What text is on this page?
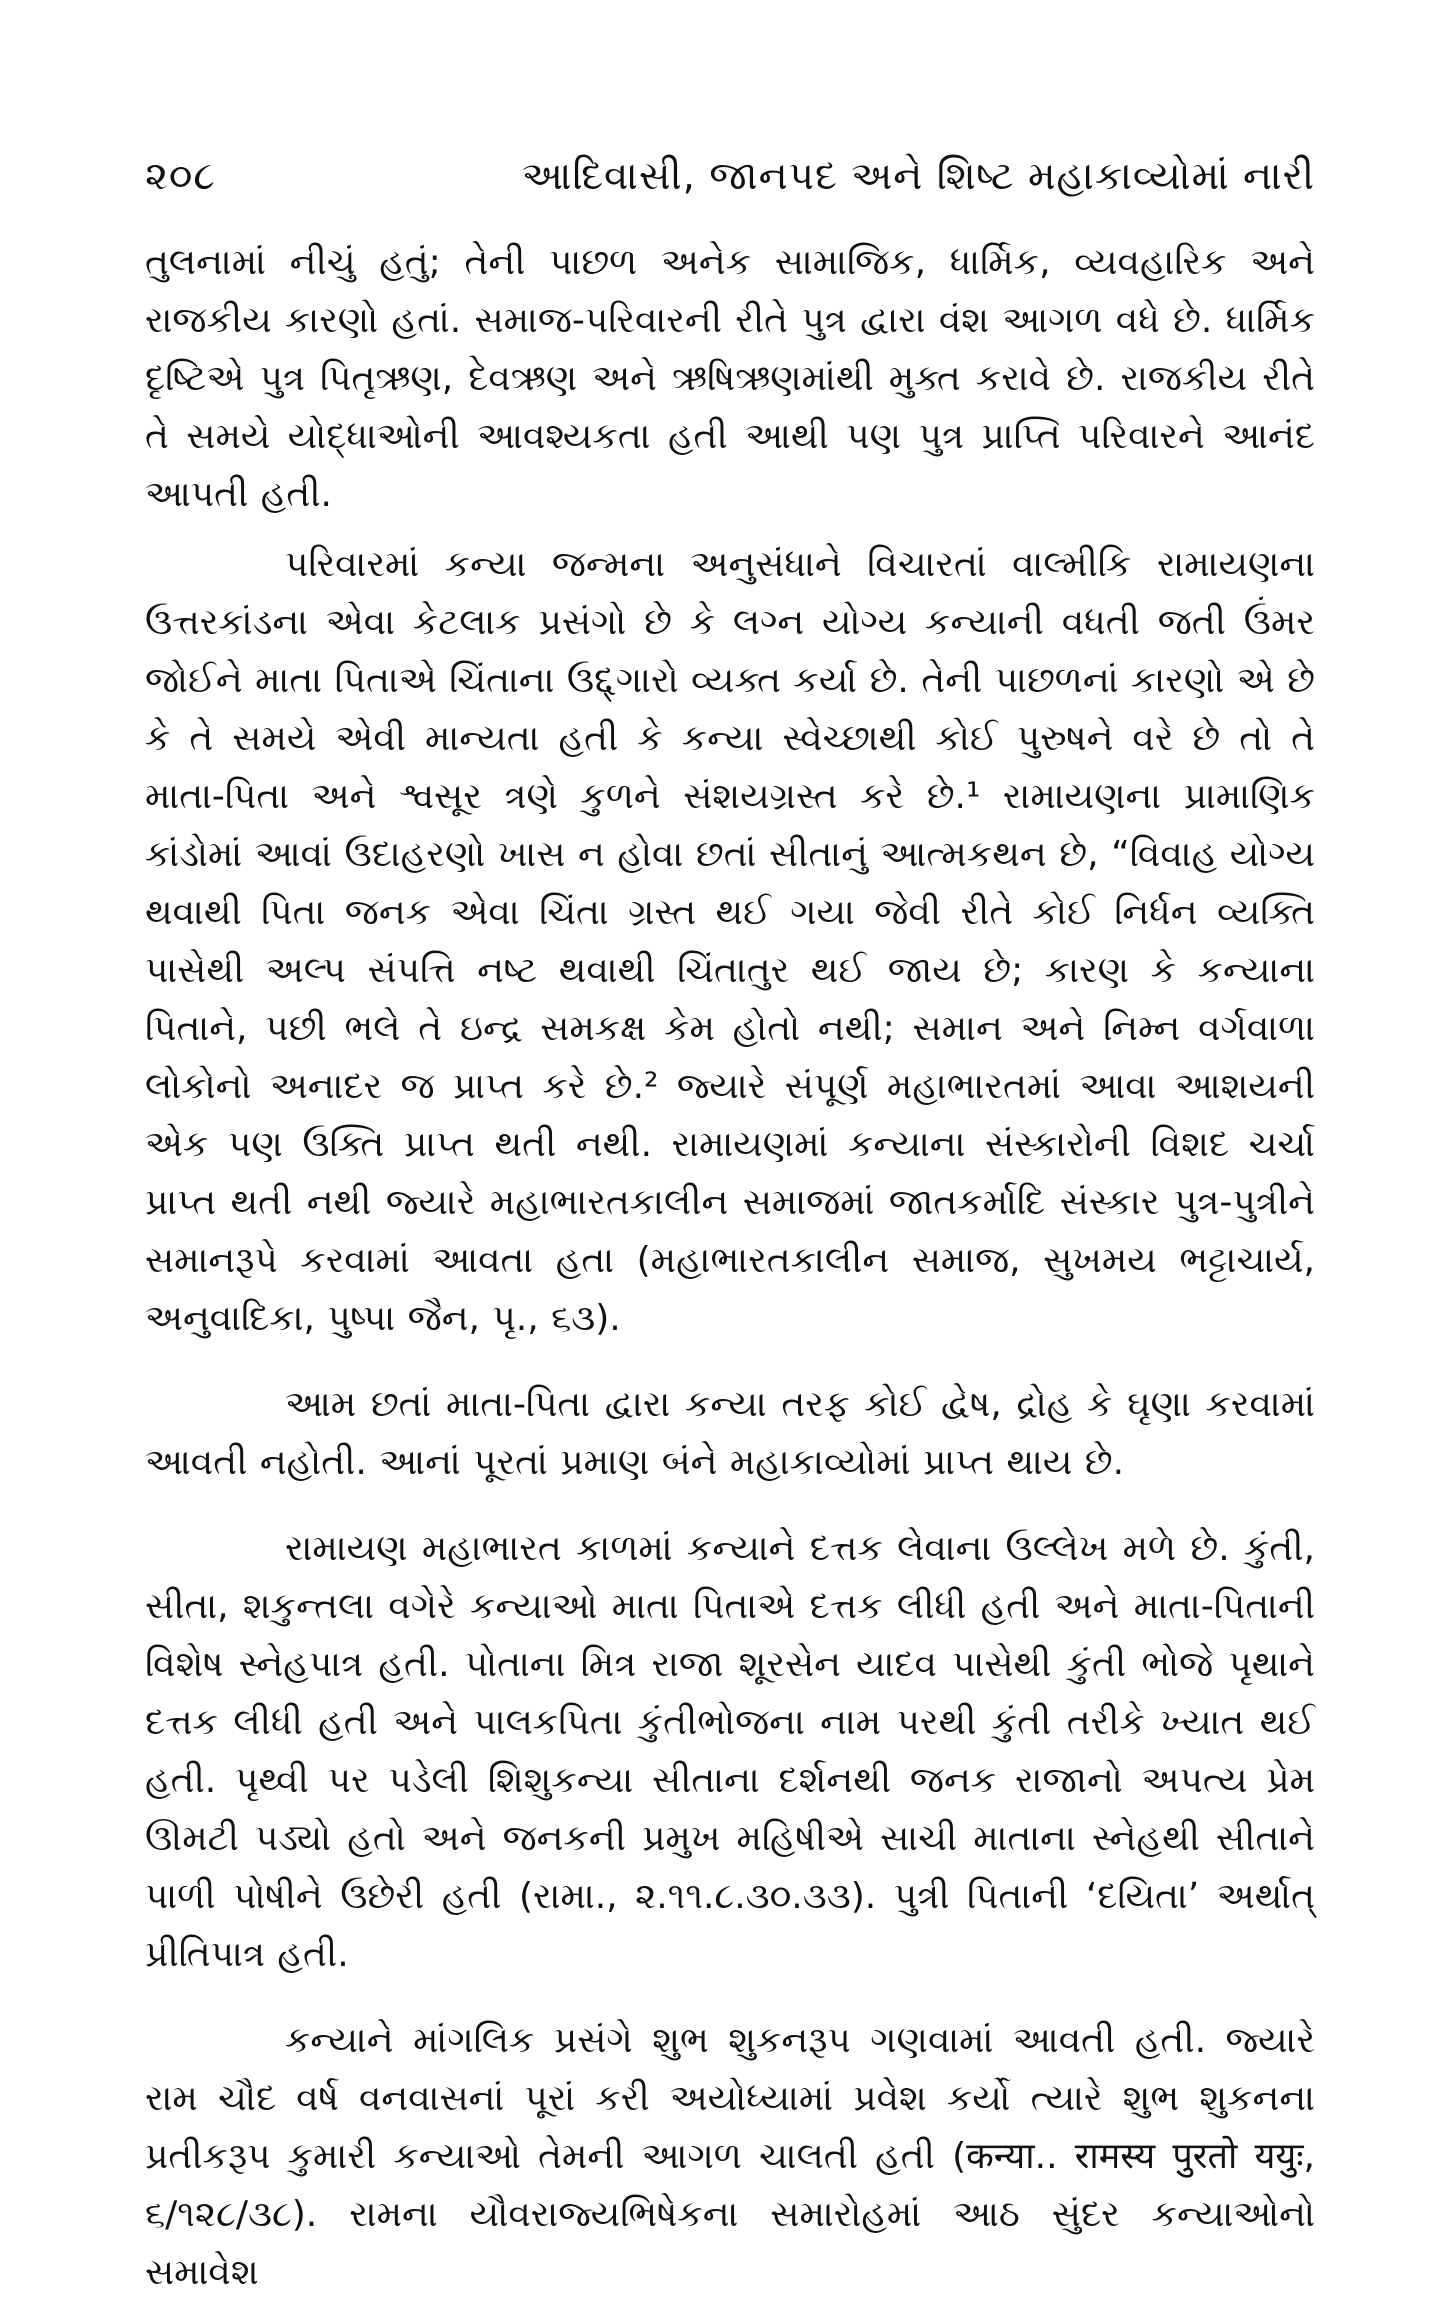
૨૦૮	આદિવાસી, જાનપદ અને શિષ્ટ મહાકાવ્યોમાં નારી

તુલનામાં નીચું હતું; તેની પાછળ અનેક સામાજિક, ધાર્મિક, વ્યવહારિક અને રાજકીય કારણો હતાં. સમાજ-પરિવારની રીતે પુત્ર દ્વારા વંશ આગળ વધે છે. ધાર્મિક દૃષ્ટિએ પુત્ર પિતૃઋણ, દેવઋણ અને ઋષિઋણમાંથી મુક્ત કરાવે છે. રાજકીય રીતે તે સમયે યોદ્ધાઓની આવશ્યકતા હતી આથી પણ પુત્ર પ્રાપ્તિ પરિવારને આનંદ આપતી હતી.

પરિવારમાં કન્યા જન્મના અનુસંધાને વિચારતાં વાલ્મીકિ રામાયણના ઉત્તરકાંડના એવા કેટલાક પ્રસંગો છે કે લગ્ન યોગ્ય કન્યાની વધતી જતી ઉંમર જોઈને માતા પિતાએ ચિંતાના ઉદ્દ્ગારો વ્યક્ત કર્યા છે. તેની પાછળનાં કારણો એ છે કે તે સમયે એવી માન્યતા હતી કે કન્યા સ્વેચ્છાથી કોઈ પુરુષને વરે છે તો તે માતા-પિતા અને શ્વસૂર ત્રણે કુળને સંશયગ્રસ્ત કરે છે.¹ રામાયણના પ્રામાણિક કાંડોમાં આવાં ઉદાહરણો ખાસ ન હોવા છતાં સીતાનું આત્મકથન છે, “વિવાહ યોગ્ય થવાથી પિતા જનક એવા ચિંતા ગ્રસ્ત થઈ ગયા જેવી રીતે કોઈ નિર્ધન વ્યક્તિ પાસેથી અલ્પ સંપત્તિ નષ્ટ થવાથી ચિંતાતુર થઈ જાય છે; કારણ કે કન્યાના પિતાને, પછી ભલે તે ઇન્દ્ર સમકક્ષ કેમ હોતો નથી; સમાન અને નિમ્ન વર્ગવાળા લોકોનો અનાદર જ પ્રાપ્ત કરે છે.² જ્યારે સંપૂર્ણ મહાભારતમાં આવા આશયની એક પણ ઉક્તિ પ્રાપ્ત થતી નથી. રામાયણમાં કન્યાના સંસ્કારોની વિશદ ચર્ચા પ્રાપ્ત થતી નથી જ્યારે મહાભારતકાલીન સમાજમાં જાતકર્માદિ સંસ્કાર પુત્ર-પુત્રીને સમાનરૂપે કરવામાં આવતા હતા (મહાભારતકાલીન સમાજ, સુખમય ભટ્ટાચાર્ય, અનુવાદિકા, પુષ્પા જૈન, પૃ., ૬૩).

આમ છતાં માતા-પિતા દ્વારા કન્યા તરફ કોઈ દ્વેષ, દ્રોહ કે ઘૃણા કરવામાં આવતી નહોતી. આનાં પૂરતાં પ્રમાણ બંને મહાકાવ્યોમાં પ્રાપ્ત થાય છે.

રામાયણ મહાભારત કાળમાં કન્યાને દત્તક લેવાના ઉલ્લેખ મળે છે. કુંતી, સીતા, શકુન્તલા વગેરે કન્યાઓ માતા પિતાએ દત્તક લીધી હતી અને માતા-પિતાની વિશેષ સ્નેહપાત્ર હતી. પોતાના મિત્ર રાજા શૂરસેન યાદવ પાસેથી કુંતી ભોજે પૃથાને દત્તક લીધી હતી અને પાલકપિતા કુંતીભોજના નામ પરથી કુંતી તરીકે ખ્યાત થઈ હતી. પૃથ્વી પર પડેલી શિશુકન્યા સીતાના દર્શનથી જનક રાજાનો અપત્ય પ્રેમ ઊમટી પડ્યો હતો અને જનકની પ્રમુખ મહિષીએ સાચી માતાના સ્નેહથી સીતાને પાળી પોષીને ઉછેરી હતી (રામા., ૨.૧૧.૮.૩૦.૩૩). પુત્રી પિતાની ‘દયિતા’ અર્થાત્ પ્રીતિપાત્ર હતી.

કન્યાને માંગલિક પ્રસંગે શુભ શુકનરૂપ ગણવામાં આવતી હતી. જ્યારે રામ ચૌદ વર્ષ વનવાસનાં પૂરાં કરી અયોધ્યામાં પ્રવેશ કર્યો ત્યારે શુભ શુકનના પ્રતીકરૂપ કુમારી કન્યાઓ તેમની આગળ ચાલતી હતી (कन्या.. रामस्य पुरतो ययुः, ૬/૧૨૮/૩૮). રામના યૌવરાજ્યભિષેકના સમારોહમાં આઠ સુંદર કન્યાઓનો સમાવેશ
